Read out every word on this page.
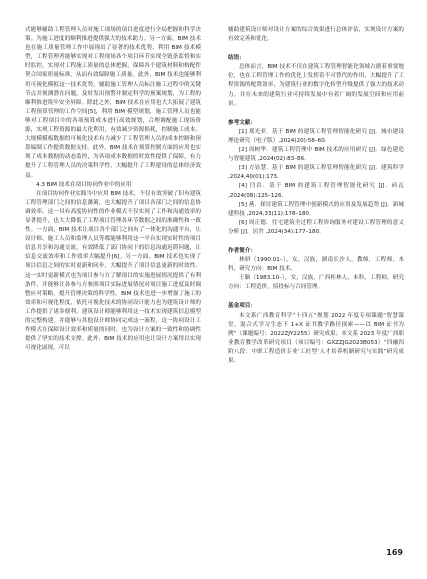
式能够辅助工程管理人员对施工现场的项目进度进行全局把握和科学决策。为施工进度的顺利推进提供强大的技术助力。另一方面，BIM 技术也在施工质量管理工作中展现出了显著的技术优势，利用 BIM 技术模型，工程管理者能够实现对工程现场各个项目环节实现全链条监督和实时监控，实现对工程施工质量的总体把握，保障各个建筑材料和构配件契合国家质量标准，从而有效保障施工质量。此外，BIM 技术也能够利用可视化模拟这一技术优势，辅助施工管理人员标注施工过程中的关键节点并预测潜在问题，及时发出预警并制定科学的预案规划，为工程的顺利推进筑牢安全屏障。除此之外，BIM 技术在应用也大大拓展了建筑工程预算管理的工作空间[5]，利用 BIM 模型规划，施工管理人员也能够对工程项目中的各项预算成本进行高效规划，合理调配施工现场资源，实现工程资源的最大化利用，有效减少资源损耗，控制施工成本。大规模模板数据的可视化技术有力减少了工程管理人员的成本控制和预算编制工作提供数据支持。此外，BIM 技术在预算控制方面的应用也实现了成本数据的动态监控，为各项成本数据的时效性提供了保障，有力提升了工程管理人员的决策科学性，大幅提升了工程建设的总体经济效益。

4.3 BIM 技术在项目协同作业中的应用

在项目协同作业实践当中应用 BIM 技术，不仅有效突破了旧有建筑工程管理部门之间的信息藩篱，也大幅提升了项目各部门之间的信息协调效率。这一具有高度协同性的作业模式不仅实现了工作和沟通效率的显著提升，也大大降低了工程项目管理各环节数据之间的准确性和一致性。一方面，BIM 技术让项目各个部门之间有了一体化的沟通平台，让设计师、施工人员和监理人员等都能够利用这一平台实现实时性的项目信息共享和沟通交流，有效降低了部门协同下的信息沟通迟滞问题，让信息交流效率和工作效率大幅提升[6]。另一方面，BIM 技术也实现了项目信息之间的实时更新和同步，大幅提升了项目信息更新的时效性。这一实时更新模式也为项目参与方了解项目的实施进展情况提供了有利条件，并能够让各参与方参照项目实际进展情况对项目施工进度及时调整应对策略，提升管理决策的科学性。BIM 技术也进一步增强了施工的效率和可视化程度，依托可视化技术的协同设计能力也为建筑设计师的工作提供了诸多便利。建筑设计师能够利用这一技术实现建筑信息模型的完整构建，并能够与其他设计师协同完成这一流程，这一协同设计工作模式在保障设计效率和质量的同时，也为设计方案的一致性和协调性提供了坚实的技术支撑。此外，BIM 技术的应用也让设计方案得以实现可视化展现，可以

辅助建筑设计师对设计方案的综合效果进行总体评估，实现设计方案的有效完善和优化。

结语：

总体而言，BIM 技术不仅在建筑工程管理智能化领域占据着重要地位，也在工程管理工作的优化上发挥着不可替代的作用，大幅提升了工程资源的配置效率，为建筑行业的数字化转型升级提供了强大的技术动力。并在未来的建筑行业可持续发展中有着广阔的发展空间和应用前景。

参考文献：

[1] 郑光亚．基于 BIM 的建筑工程管理智能化研究 [J]．城市建设理论研究（电子版）,2024(20):58–60.

[2] 周树华．建筑工程管理中 BIM 技术的应用研究 [J]．绿色建造与智能建筑 ,2024(02):83–86.

[3] 方显慧．基于 BIM 的建筑工程管理智能化研究 [J]．建筑科学 ,2024,40(01):173.

[4] 闫岩．基于 BIM 的建筑工程管理智能化研究 [J]．砖瓦 ,2024(08):125–126.

[5] 燕．探讨建筑工程管理中创新模式的应用及发展趋势 [J]．新城建科技 ,2024,33(11):178–180.

[6] 周正德．住宅建筑全过程工程咨询服务对建设工程管理的意义分析 [J]．居舍 ,2024(34):177–180.

作者简介：

林妍（1990.01–），女，汉族，湖南长沙人，教师，工程师，本科，研究方向：BIM 技术。

王颖（1983.10–），女，汉族，广西桂林人，本科，工程师，研究方向：工程造价，招投标与合同管理。

基金项目：

本文系广西教育科学“十四五”规划 2022 年度专项课题“智慧课堂，混合式学习生态下 1+X 证书教学路径探索——以 BIM 证书为例”（课题编号：2022ZJY2255）研究成果；本文系 2023 年度广西职业教育教学改革研究项目（项目编号：GXZZJG2023B053）“四融四阶八段：中职工程造价专业‘工匠型’人才培养机制研究与实践”研究成果。

169
